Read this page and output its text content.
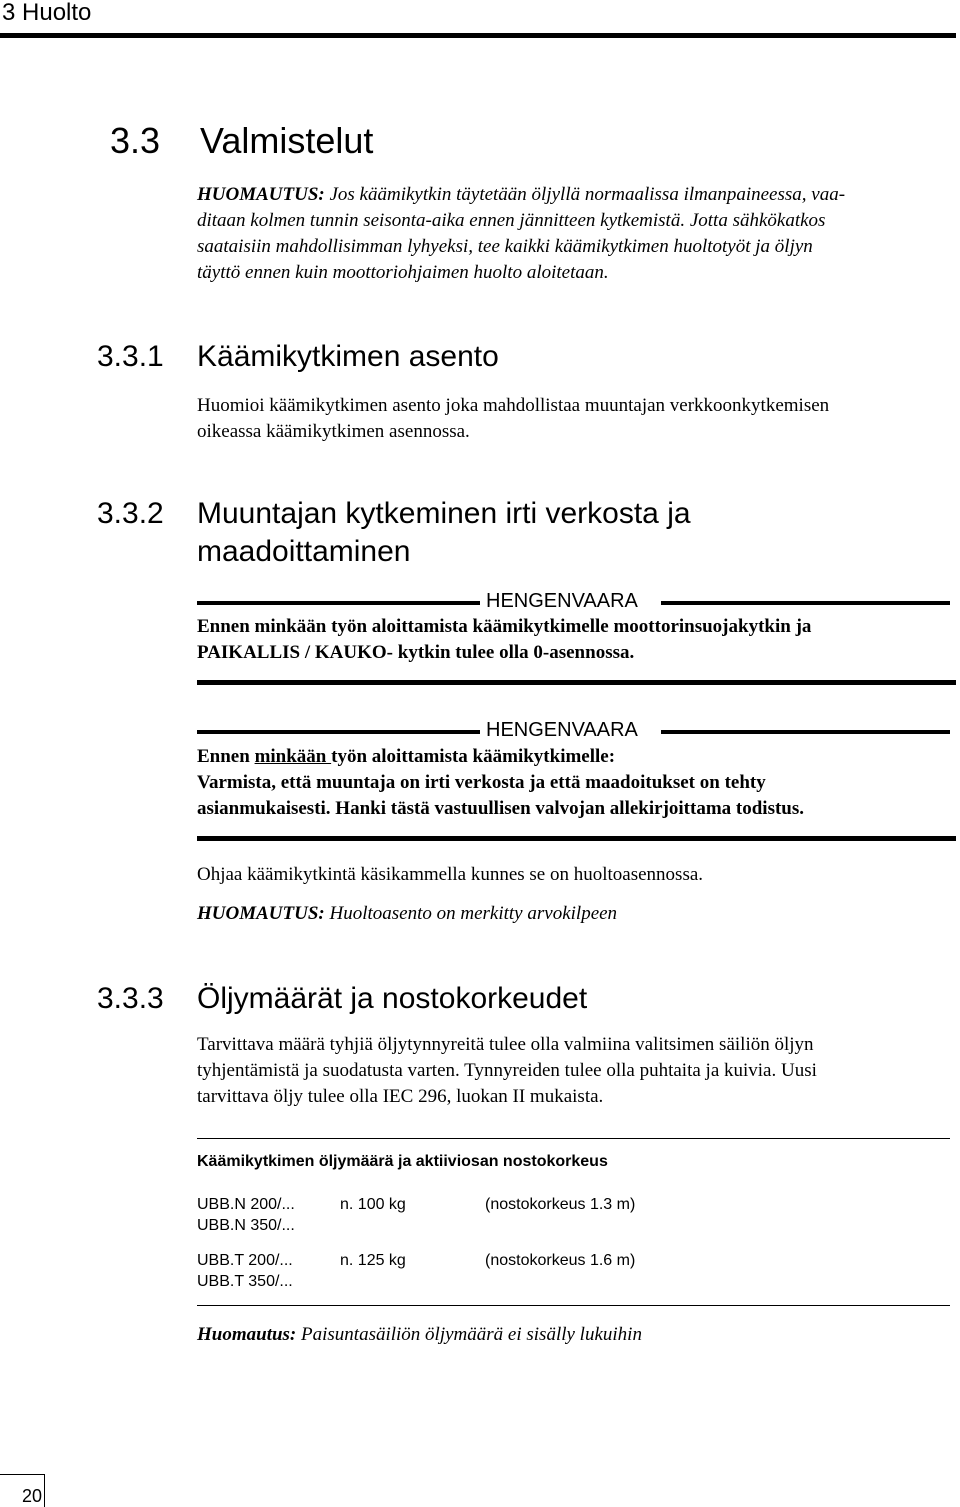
3 Huolto
3.3 Valmistelut
HUOMAUTUS: Jos käämikytkin täytetään öljyllä normaalissa ilmanpaineessa, vaa-
ditaan kolmen tunnin seisonta-aika ennen jännitteen kytkemistä. Jotta sähkökatkos
saataisiin mahdollisimman lyhyeksi, tee kaikki käämikytkimen huoltotyöt ja öljyn
täyttö ennen kuin moottoriohjaimen huolto aloitetaan.
3.3.1 Käämikytkimen asento
Huomioi käämikytkimen asento joka mahdollistaa muuntajan verkkoonkytkemisen
oikeassa käämikytkimen asennossa.
3.3.2 Muuntajan kytkeminen irti verkosta ja
maadoittaminen
HENGENVAARA
Ennen minkään työn aloittamista käämikytkimelle moottorinsuojakytkin ja
PAIKALLIS / KAUKO- kytkin tulee olla 0-asennossa.
HENGENVAARA
Ennen minkään työn aloittamista käämikytkimelle:
Varmista, että muuntaja on irti verkosta ja että maadoitukset on tehty
asianmukaisesti. Hanki tästä vastuullisen valvojan allekirjoittama todistus.
Ohjaa käämikytkintä käsikammella kunnes se on huoltoasennossa.
HUOMAUTUS: Huoltoasento on merkitty arvokilpeen
3.3.3 Öljymäärät ja nostokorkeudet
Tarvittava määrä tyhjiä öljytynnyreitä tulee olla valmiina valitsimen säiliön öljyn
tyhjentämistä ja suodatusta varten. Tynnyreiden tulee olla puhtaita ja kuivia. Uusi
tarvittava öljy tulee olla IEC 296, luokan II mukaista.
Käämikytkimen öljymäärä ja aktiiviosan nostokorkeus
UBB.N 200/...	n. 100 kg	(nostokorkeus 1.3 m)
UBB.N 350/...
UBB.T 200/...	n. 125 kg	(nostokorkeus 1.6 m)
UBB.T 350/...
Huomautus: Paisuntasäiliön öljymäärä ei sisälly lukuihin
20
